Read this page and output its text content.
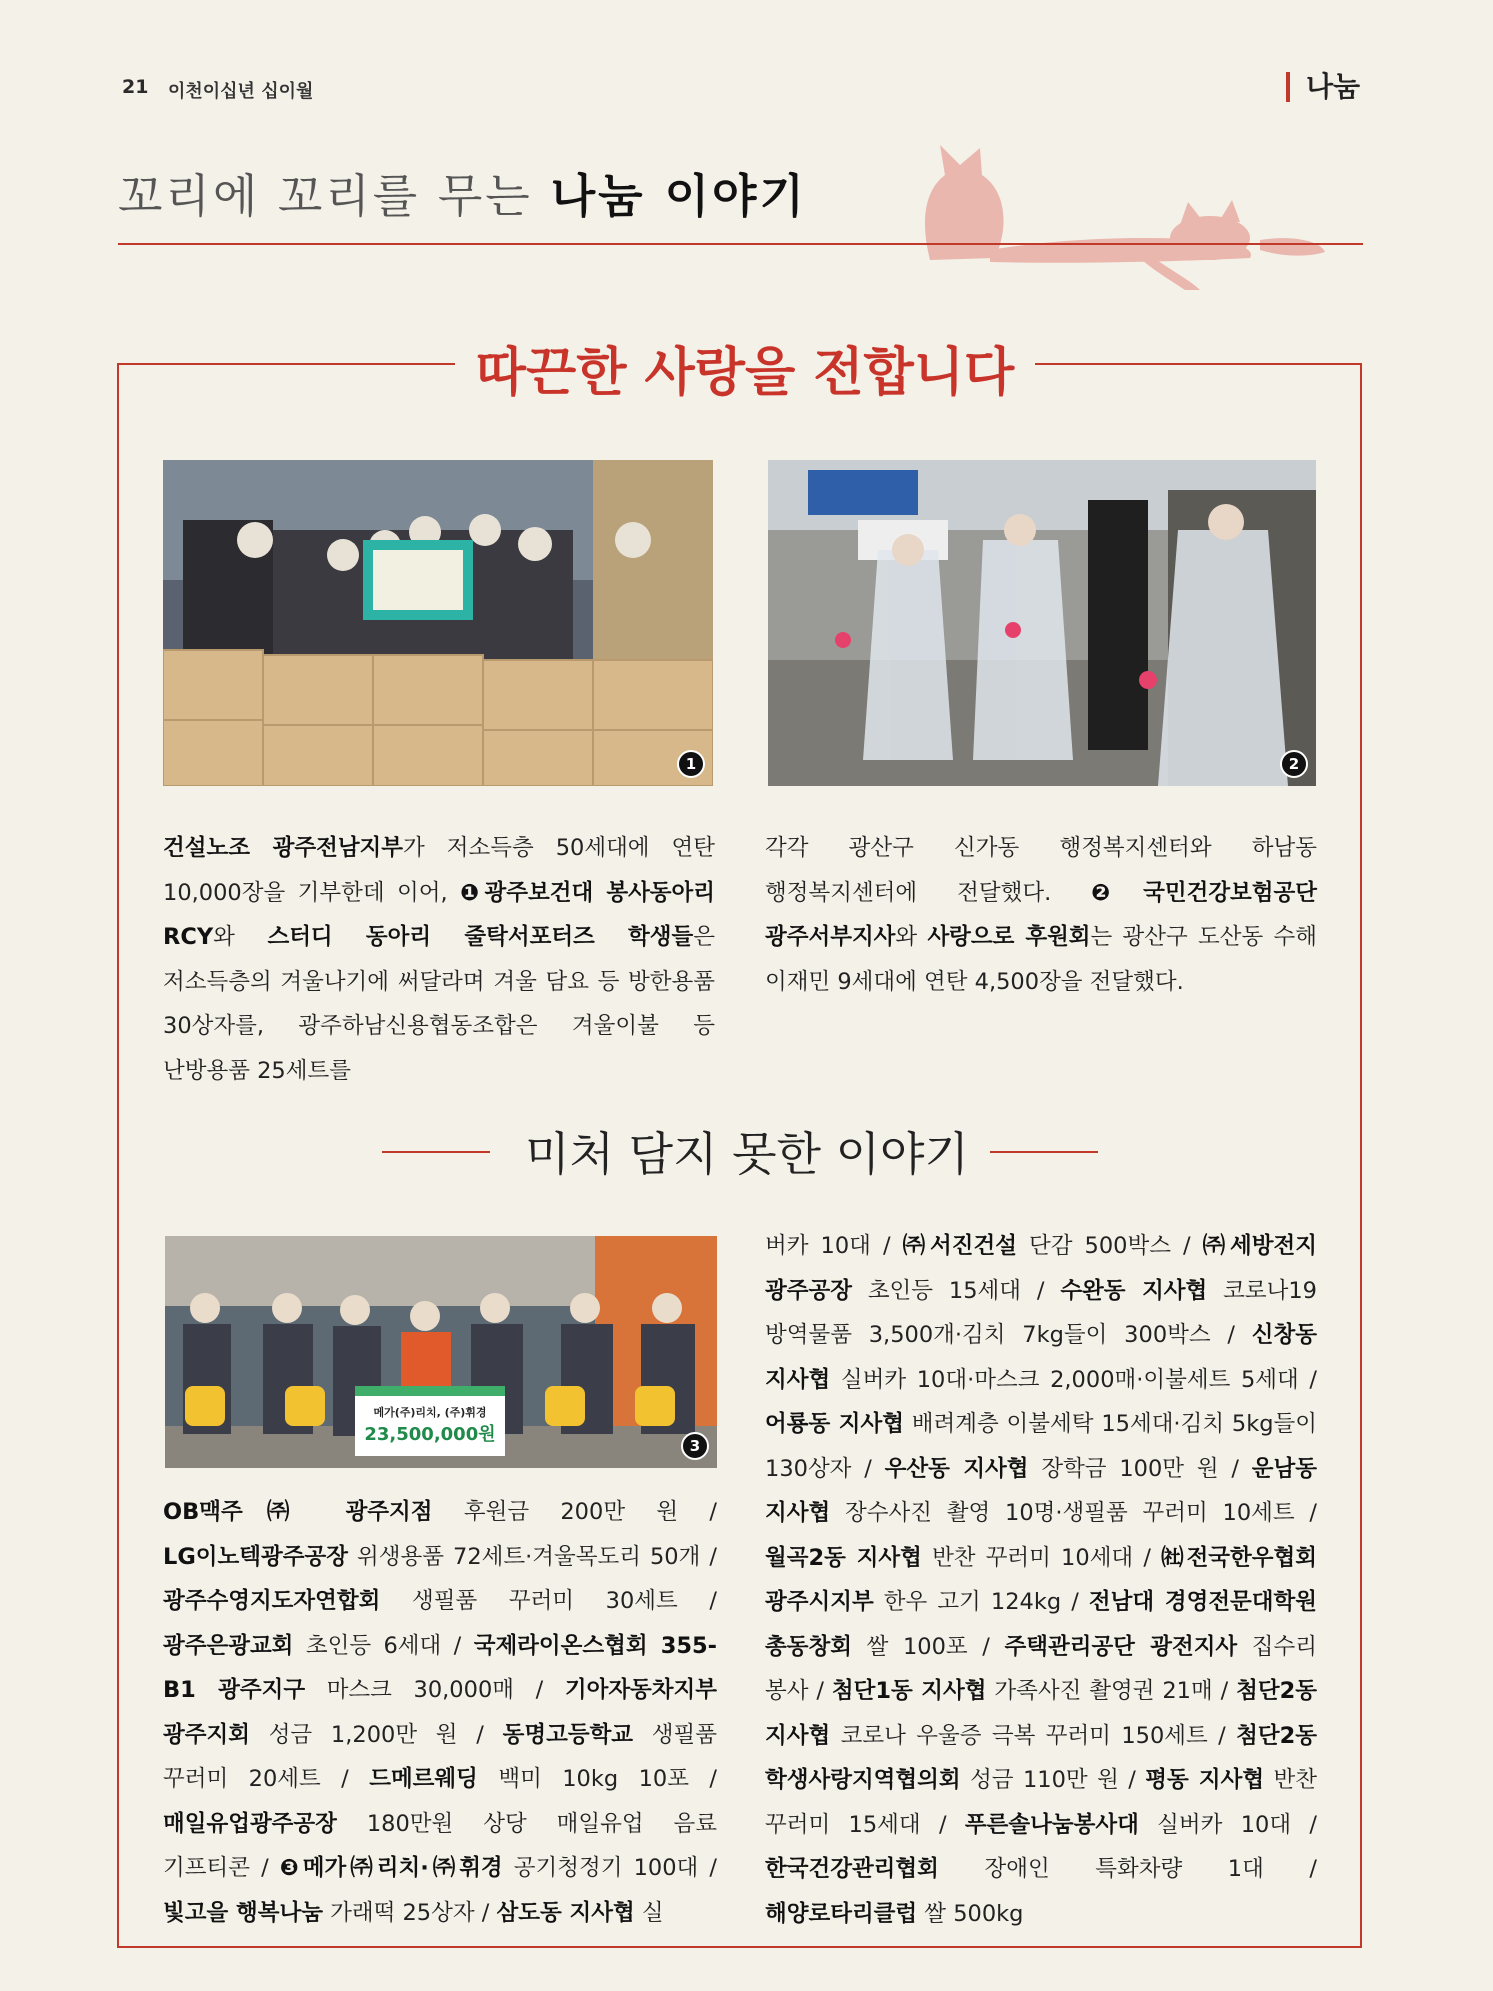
21 이천이십년 십이월	나눔
꼬리에 꼬리를 무는 나눔 이야기
따끈한 사랑을 전합니다
1	2
건설노조 광주전남지부가 저소득층 50세대에 연탄 10,000장을 기부한데 이어, ❶광주보건대 봉사동아리 RCY와 스터디 동아리 줄탁서포터즈 학생들은 저소득층의 겨울나기에 써달라며 겨울 담요 등 방한용품 30상자를, 광주하남신용협동조합은 겨울이불 등 난방용품 25세트를
각각 광산구 신가동 행정복지센터와 하남동 행정복지센터에 전달했다. ❷국민건강보험공단 광주서부지사와 사랑으로 후원회는 광산구 도산동 수해 이재민 9세대에 연탄 4,500장을 전달했다.
미처 담지 못한 이야기
메가(주)리치, (주)휘경
23,500,000원
3
OB맥주㈜ 광주지점 후원금 200만 원 / LG이노텍광주공장 위생용품 72세트·겨울목도리 50개 / 광주수영지도자연합회 생필품 꾸러미 30세트 / 광주은광교회 초인등 6세대 / 국제라이온스협회 355-B1 광주지구 마스크 30,000매 / 기아자동차지부 광주지회 성금 1,200만 원 / 동명고등학교 생필품 꾸러미 20세트 / 드메르웨딩 백미 10kg 10포 / 매일유업광주공장 180만원 상당 매일유업 음료 기프티콘 / ❸메가㈜리치·㈜휘경 공기청정기 100대 / 빛고을 행복나눔 가래떡 25상자 / 삼도동 지사협 실
버카 10대 / ㈜서진건설 단감 500박스 / ㈜세방전지 광주공장 초인등 15세대 / 수완동 지사협 코로나19 방역물품 3,500개·김치 7kg들이 300박스 / 신창동 지사협 실버카 10대·마스크 2,000매·이불세트 5세대 / 어룡동 지사협 배려계층 이불세탁 15세대·김치 5kg들이 130상자 / 우산동 지사협 장학금 100만 원 / 운남동 지사협 장수사진 촬영 10명·생필품 꾸러미 10세트 / 월곡2동 지사협 반찬 꾸러미 10세대 / ㈳전국한우협회 광주시지부 한우 고기 124kg / 전남대 경영전문대학원 총동창회 쌀 100포 / 주택관리공단 광전지사 집수리 봉사 / 첨단1동 지사협 가족사진 촬영권 21매 / 첨단2동 지사협 코로나 우울증 극복 꾸러미 150세트 / 첨단2동 학생사랑지역협의회 성금 110만 원 / 평동 지사협 반찬 꾸러미 15세대 / 푸른솔나눔봉사대 실버카 10대 / 한국건강관리협회 장애인 특화차량 1대 / 해양로타리클럽 쌀 500kg
